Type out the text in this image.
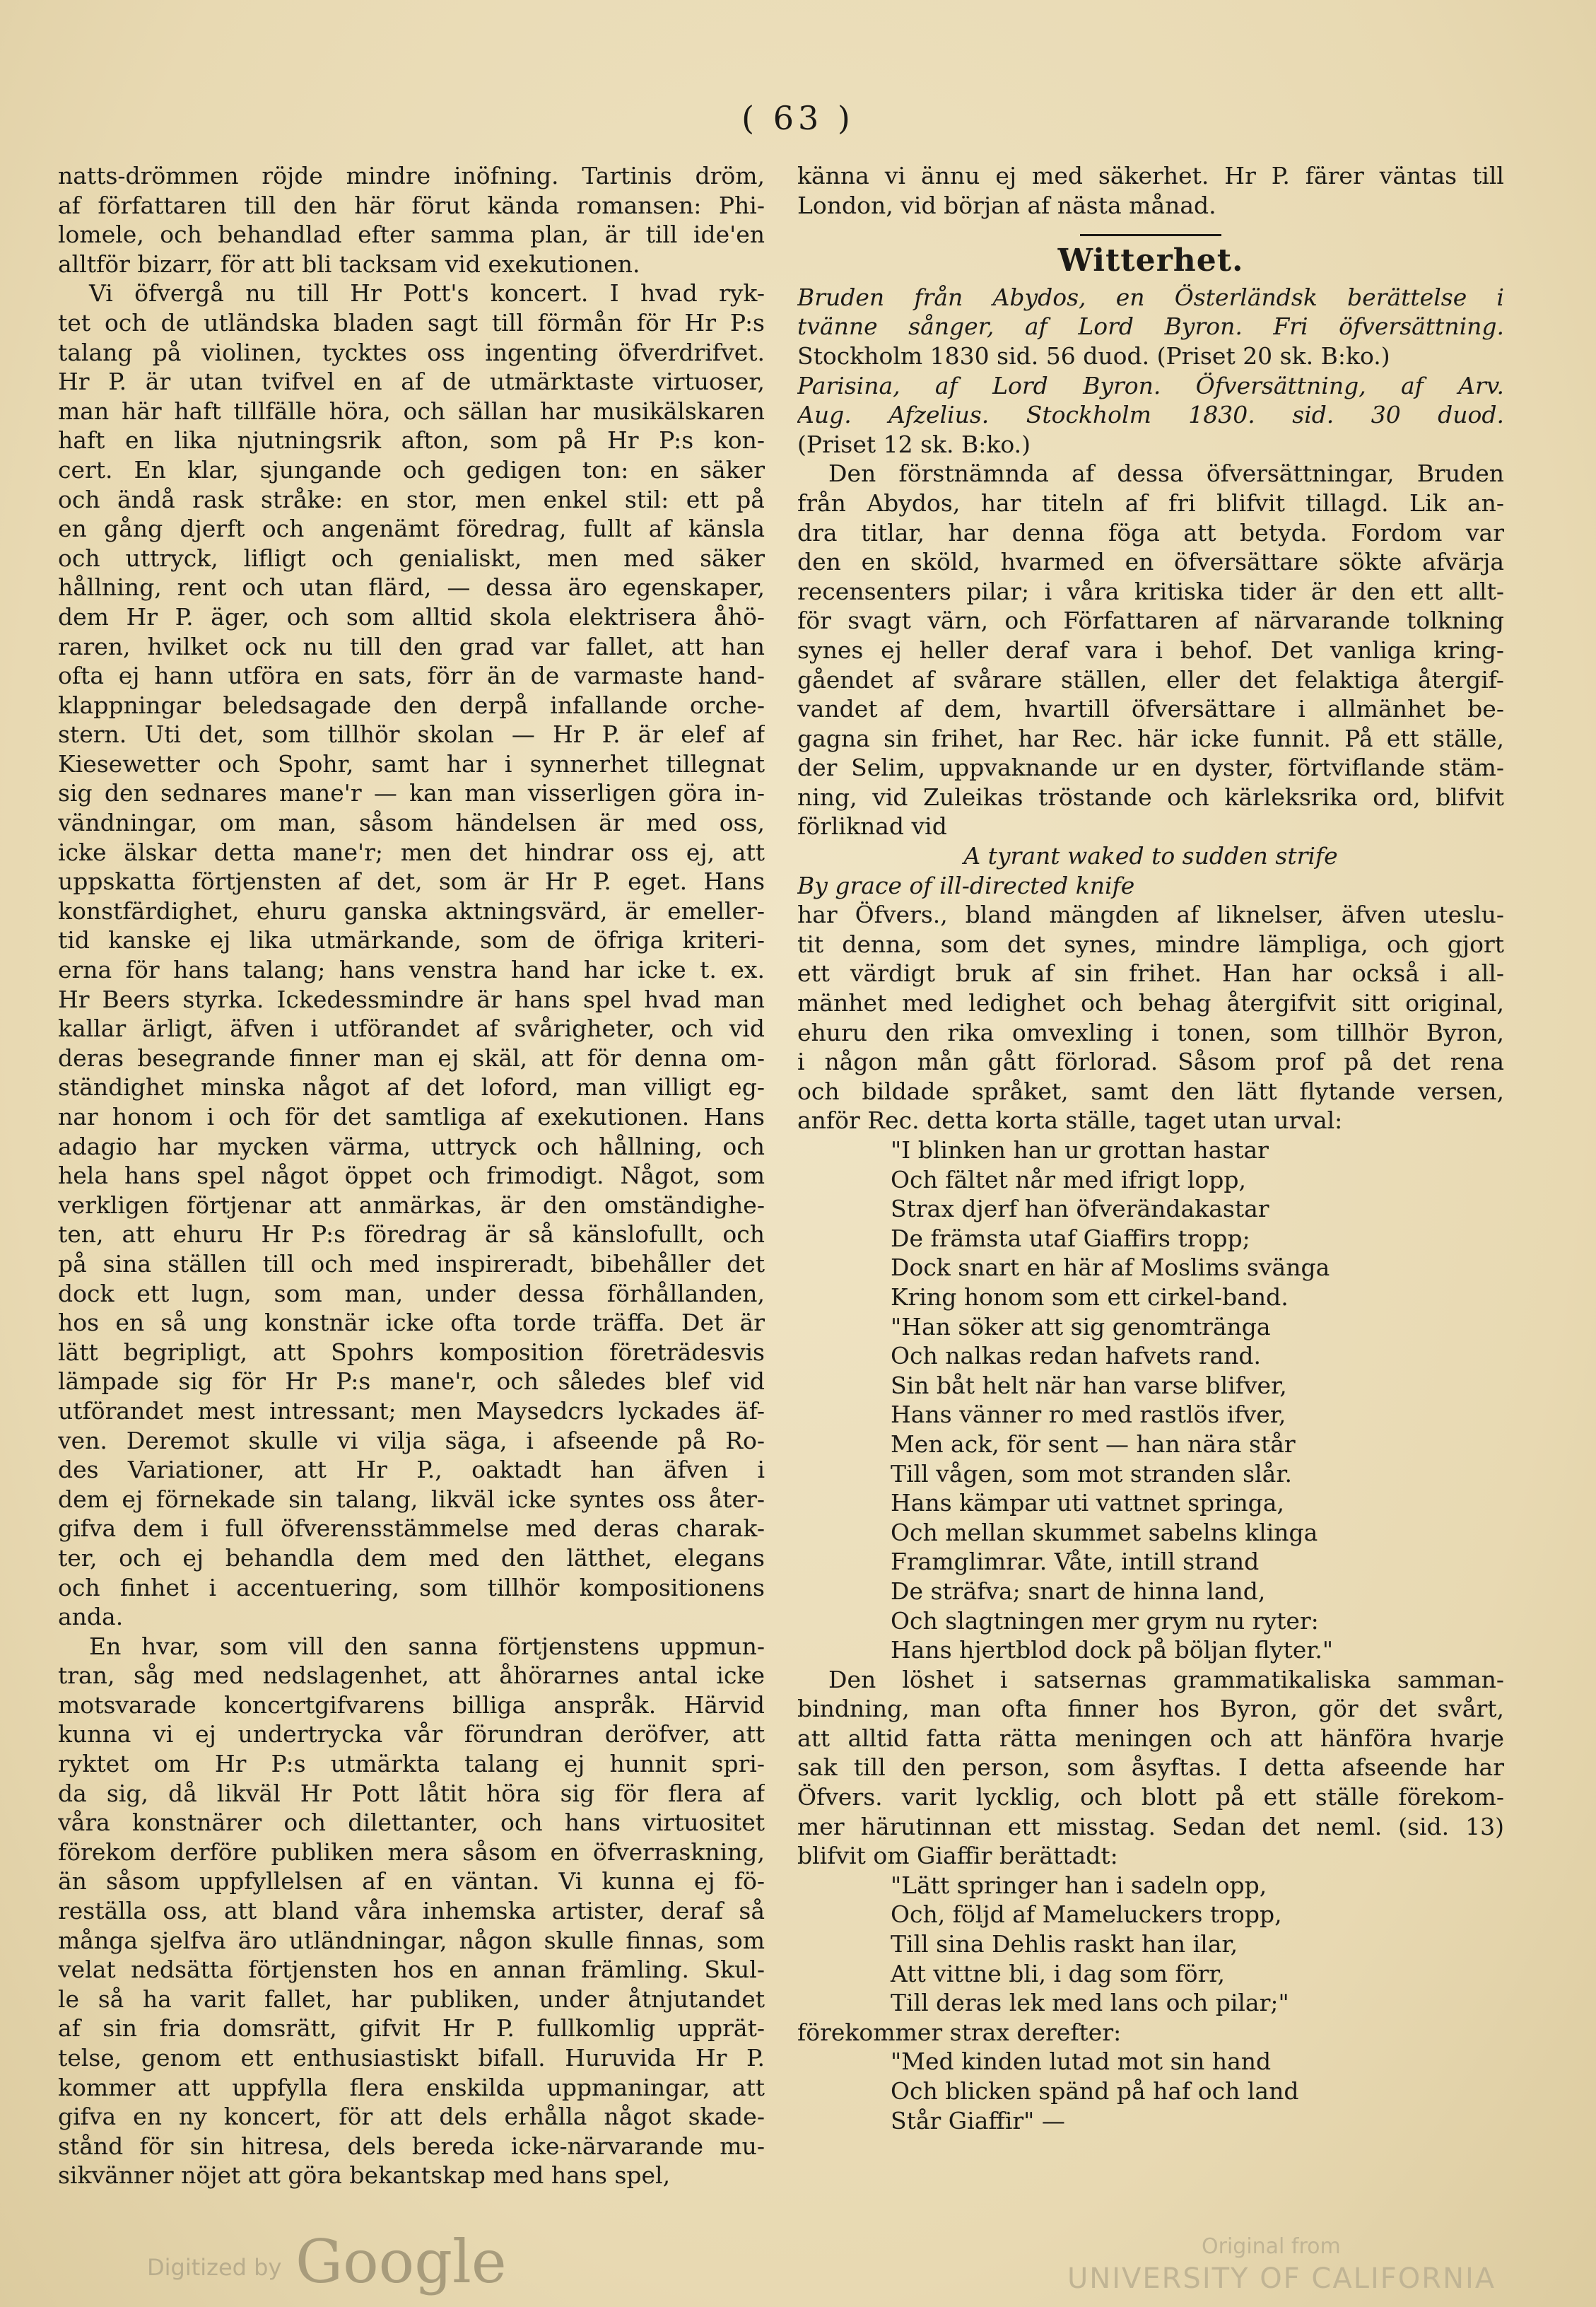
( 63 )
natts-drömmen röjde mindre inöfning. Tartinis dröm,
af författaren till den här förut kända romansen: Phi-
lomele, och behandlad efter samma plan, är till ide'en
alltför bizarr, för att bli tacksam vid exekutionen.
Vi öfvergå nu till Hr Pott's koncert. I hvad ryk-
tet och de utländska bladen sagt till förmån för Hr P:s
talang på violinen, tycktes oss ingenting öfverdrifvet.
Hr P. är utan tvifvel en af de utmärktaste virtuoser,
man här haft tillfälle höra, och sällan har musikälskaren
haft en lika njutningsrik afton, som på Hr P:s kon-
cert. En klar, sjungande och gedigen ton: en säker
och ändå rask stråke: en stor, men enkel stil: ett på
en gång djerft och angenämt föredrag, fullt af känsla
och uttryck, lifligt och genialiskt, men med säker
hållning, rent och utan flärd, — dessa äro egenskaper,
dem Hr P. äger, och som alltid skola elektrisera åhö-
raren, hvilket ock nu till den grad var fallet, att han
ofta ej hann utföra en sats, förr än de varmaste hand-
klappningar beledsagade den derpå infallande orche-
stern. Uti det, som tillhör skolan — Hr P. är elef af
Kiesewetter och Spohr, samt har i synnerhet tillegnat
sig den sednares mane'r — kan man visserligen göra in-
vändningar, om man, såsom händelsen är med oss,
icke älskar detta mane'r; men det hindrar oss ej, att
uppskatta förtjensten af det, som är Hr P. eget. Hans
konstfärdighet, ehuru ganska aktningsvärd, är emeller-
tid kanske ej lika utmärkande, som de öfriga kriteri-
erna för hans talang; hans venstra hand har icke t. ex.
Hr Beers styrka. Ickedessmindre är hans spel hvad man
kallar ärligt, äfven i utförandet af svårigheter, och vid
deras besegrande finner man ej skäl, att för denna om-
ständighet minska något af det loford, man villigt eg-
nar honom i och för det samtliga af exekutionen. Hans
adagio har mycken värma, uttryck och hållning, och
hela hans spel något öppet och frimodigt. Något, som
verkligen förtjenar att anmärkas, är den omständighe-
ten, att ehuru Hr P:s föredrag är så känslofullt, och
på sina ställen till och med inspireradt, bibehåller det
dock ett lugn, som man, under dessa förhållanden,
hos en så ung konstnär icke ofta torde träffa. Det är
lätt begripligt, att Spohrs komposition företrädesvis
lämpade sig för Hr P:s mane'r, och således blef vid
utförandet mest intressant; men Maysedcrs lyckades äf-
ven. Deremot skulle vi vilja säga, i afseende på Ro-
des Variationer, att Hr P., oaktadt han äfven i
dem ej förnekade sin talang, likväl icke syntes oss åter-
gifva dem i full öfverensstämmelse med deras charak-
ter, och ej behandla dem med den lätthet, elegans
och finhet i accentuering, som tillhör kompositionens
anda.
En hvar, som vill den sanna förtjenstens uppmun-
tran, såg med nedslagenhet, att åhörarnes antal icke
motsvarade koncertgifvarens billiga anspråk. Härvid
kunna vi ej undertrycka vår förundran deröfver, att
ryktet om Hr P:s utmärkta talang ej hunnit spri-
da sig, då likväl Hr Pott låtit höra sig för flera af
våra konstnärer och dilettanter, och hans virtuositet
förekom derföre publiken mera såsom en öfverraskning,
än såsom uppfyllelsen af en väntan. Vi kunna ej fö-
reställa oss, att bland våra inhemska artister, deraf så
många sjelfva äro utländningar, någon skulle finnas, som
velat nedsätta förtjensten hos en annan främling. Skul-
le så ha varit fallet, har publiken, under åtnjutandet
af sin fria domsrätt, gifvit Hr P. fullkomlig upprät-
telse, genom ett enthusiastiskt bifall. Huruvida Hr P.
kommer att uppfylla flera enskilda uppmaningar, att
gifva en ny koncert, för att dels erhålla något skade-
stånd för sin hitresa, dels bereda icke-närvarande mu-
sikvänner nöjet att göra bekantskap med hans spel,
känna vi ännu ej med säkerhet. Hr P. färer väntas till
London, vid början af nästa månad.
Witterhet.
Bruden från Abydos, en Österländsk berättelse i
tvänne sånger, af Lord Byron. Fri öfversättning.
Stockholm 1830 sid. 56 duod. (Priset 20 sk. B:ko.)
Parisina, af Lord Byron. Öfversättning, af Arv.
Aug. Afzelius. Stockholm 1830. sid. 30 duod.
(Priset 12 sk. B:ko.)
Den förstnämnda af dessa öfversättningar, Bruden
från Abydos, har titeln af fri blifvit tillagd. Lik an-
dra titlar, har denna föga att betyda. Fordom var
den en sköld, hvarmed en öfversättare sökte afvärja
recensenters pilar; i våra kritiska tider är den ett allt-
för svagt värn, och Författaren af närvarande tolkning
synes ej heller deraf vara i behof. Det vanliga kring-
gåendet af svårare ställen, eller det felaktiga återgif-
vandet af dem, hvartill öfversättare i allmänhet be-
gagna sin frihet, har Rec. här icke funnit. På ett ställe,
der Selim, uppvaknande ur en dyster, förtviflande stäm-
ning, vid Zuleikas tröstande och kärleksrika ord, blifvit
förliknad vid
A tyrant waked to sudden strife
By grace of ill-directed knife
har Öfvers., bland mängden af liknelser, äfven uteslu-
tit denna, som det synes, mindre lämpliga, och gjort
ett värdigt bruk af sin frihet. Han har också i all-
mänhet med ledighet och behag återgifvit sitt original,
ehuru den rika omvexling i tonen, som tillhör Byron,
i någon mån gått förlorad. Såsom prof på det rena
och bildade språket, samt den lätt flytande versen,
anför Rec. detta korta ställe, taget utan urval:
"I blinken han ur grottan hastar
Och fältet når med ifrigt lopp,
Strax djerf han öfverändakastar
De främsta utaf Giaffirs tropp;
Dock snart en här af Moslims svänga
Kring honom som ett cirkel-band.
"Han söker att sig genomtränga
Och nalkas redan hafvets rand.
Sin båt helt när han varse blifver,
Hans vänner ro med rastlös ifver,
Men ack, för sent — han nära står
Till vågen, som mot stranden slår.
Hans kämpar uti vattnet springa,
Och mellan skummet sabelns klinga
Framglimrar. Våte, intill strand
De sträfva; snart de hinna land,
Och slagtningen mer grym nu ryter:
Hans hjertblod dock på böljan flyter."
Den löshet i satsernas grammatikaliska samman-
bindning, man ofta finner hos Byron, gör det svårt,
att alltid fatta rätta meningen och att hänföra hvarje
sak till den person, som åsyftas. I detta afseende har
Öfvers. varit lycklig, och blott på ett ställe förekom-
mer härutinnan ett misstag. Sedan det neml. (sid. 13)
blifvit om Giaffir berättadt:
"Lätt springer han i sadeln opp,
Och, följd af Mameluckers tropp,
Till sina Dehlis raskt han ilar,
Att vittne bli, i dag som förr,
Till deras lek med lans och pilar;"
förekommer strax derefter:
"Med kinden lutad mot sin hand
Och blicken spänd på haf och land
Står Giaffir" —
Digitized by Google	Original from
UNIVERSITY OF CALIFORNIA
